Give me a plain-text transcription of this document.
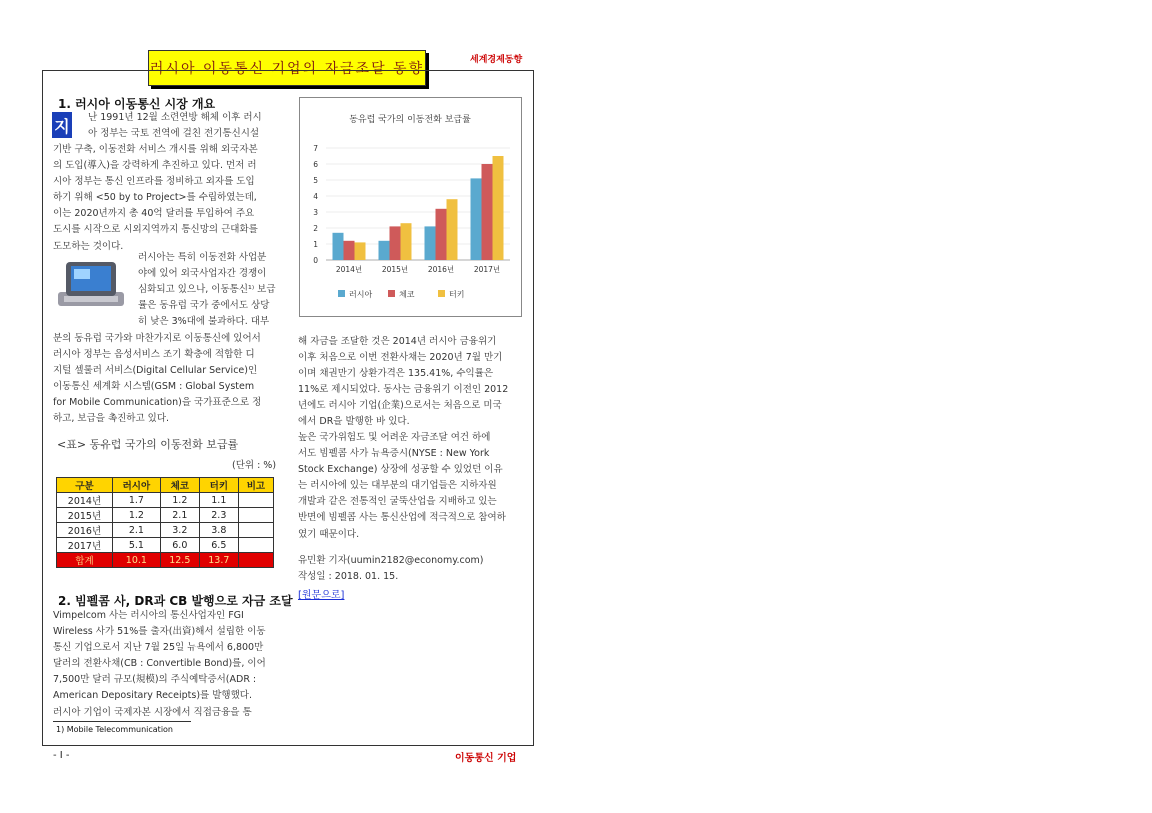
러시아 이동통신 기업의 자금조달 동향
세계경제동향
1. 러시아 이동통신 시장 개요
지 난 1991년 12월 소련연방 해체 이후 러시

아 정부는 국토 전역에 걸친 전기통신시설

기반 구축, 이동전화 서비스 개시를 위해 외국자본

의 도입(導入)을 강력하게 추진하고 있다. 먼저 러

시아 정부는 통신 인프라를 정비하고 외자를 도입

하기 위해 <50 by to Project>를 수립하였는데,

이는 2020년까지 총 40억 달러를 투입하여 주요

도시를 시작으로 시외지역까지 통신망의 근대화를

도모하는 것이다.

러시아는 특히 이동전화 사업분

야에 있어 외국사업자간 경쟁이

심화되고 있으나, 이동통신¹⁾ 보급

률은 동유럽 국가 중에서도 상당

히 낮은 3%대에 불과하다. 대부

분의 동유럽 국가와 마찬가지로 이동통신에 있어서

러시아 정부는 음성서비스 조기 확충에 적합한 디

지털 셀룰러 서비스(Digital Cellular Service)인

이동통신 세계화 시스템(GSM : Global System

for Mobile Communication)을 국가표준으로 정

하고, 보급을 촉진하고 있다.

<표> 동유럽 국가의 이동전화 보급률
(단위 : %)
구분	러시아	체코	터키	비고
2014년	1.7	1.2	1.1	
2015년	1.2	2.1	2.3	
2016년	2.1	3.2	3.8	
2017년	5.1	6.0	6.5	
합계	10.1	12.5	13.7	
2. 빔펠콤 사, DR과 CB 발행으로 자금 조달

Vimpelcom 사는 러시아의 통신사업자인 FGI

Wireless 사가 51%를 출자(出資)해서 설립한 이동

통신 기업으로서 지난 7월 25일 뉴욕에서 6,800만

달러의 전환사채(CB : Convertible Bond)를, 이어

7,500만 달러 규모(規模)의 주식예탁증서(ADR :

American Depositary Receipts)를 발행했다.

러시아 기업이 국제자본 시장에서 직접금융을 통

1) Mobile Telecommunication
동유럽 국가의 이동전화 보급률
0
1
2
3
4
5
6
7
2014년	2015년	2016년	2017년
러시아	체코	터키

해 자금을 조달한 것은 2014년 러시아 금융위기

이후 처음으로 이번 전환사채는 2020년 7월 만기

이며 채권만기 상환가격은 135.41%, 수익률은

11%로 제시되었다. 동사는 금융위기 이전인 2012

년에도 러시아 기업(企業)으로서는 처음으로 미국

에서 DR을 발행한 바 있다.

높은 국가위험도 및 어려운 자금조달 여건 하에

서도 빔펠콤 사가 뉴욕증시(NYSE : New York

Stock Exchange) 상장에 성공할 수 있었던 이유

는 러시아에 있는 대부분의 대기업들은 지하자원

개발과 같은 전통적인 굴뚝산업을 지배하고 있는

반면에 빔펠콤 사는 통신산업에 적극적으로 참여하

였기 때문이다.

유민환 기자(uumin2182@economy.com)

작성일 : 2018. 01. 15.

[원문으로]
- I -	이동통신 기업
